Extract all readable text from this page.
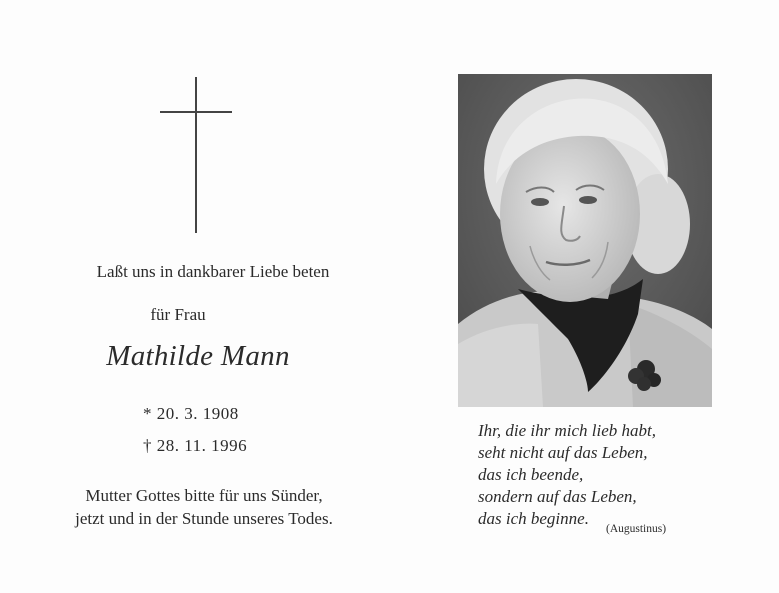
Laßt uns in dankbarer Liebe beten
für Frau
Mathilde Mann
* 20. 3. 1908
† 28. 11. 1996
Mutter Gottes bitte für uns Sünder,
jetzt und in der Stunde unseres Todes.
Ihr, die ihr mich lieb habt,
seht nicht auf das Leben,
das ich beende,
sondern auf das Leben,
das ich beginne.
(Augustinus)
